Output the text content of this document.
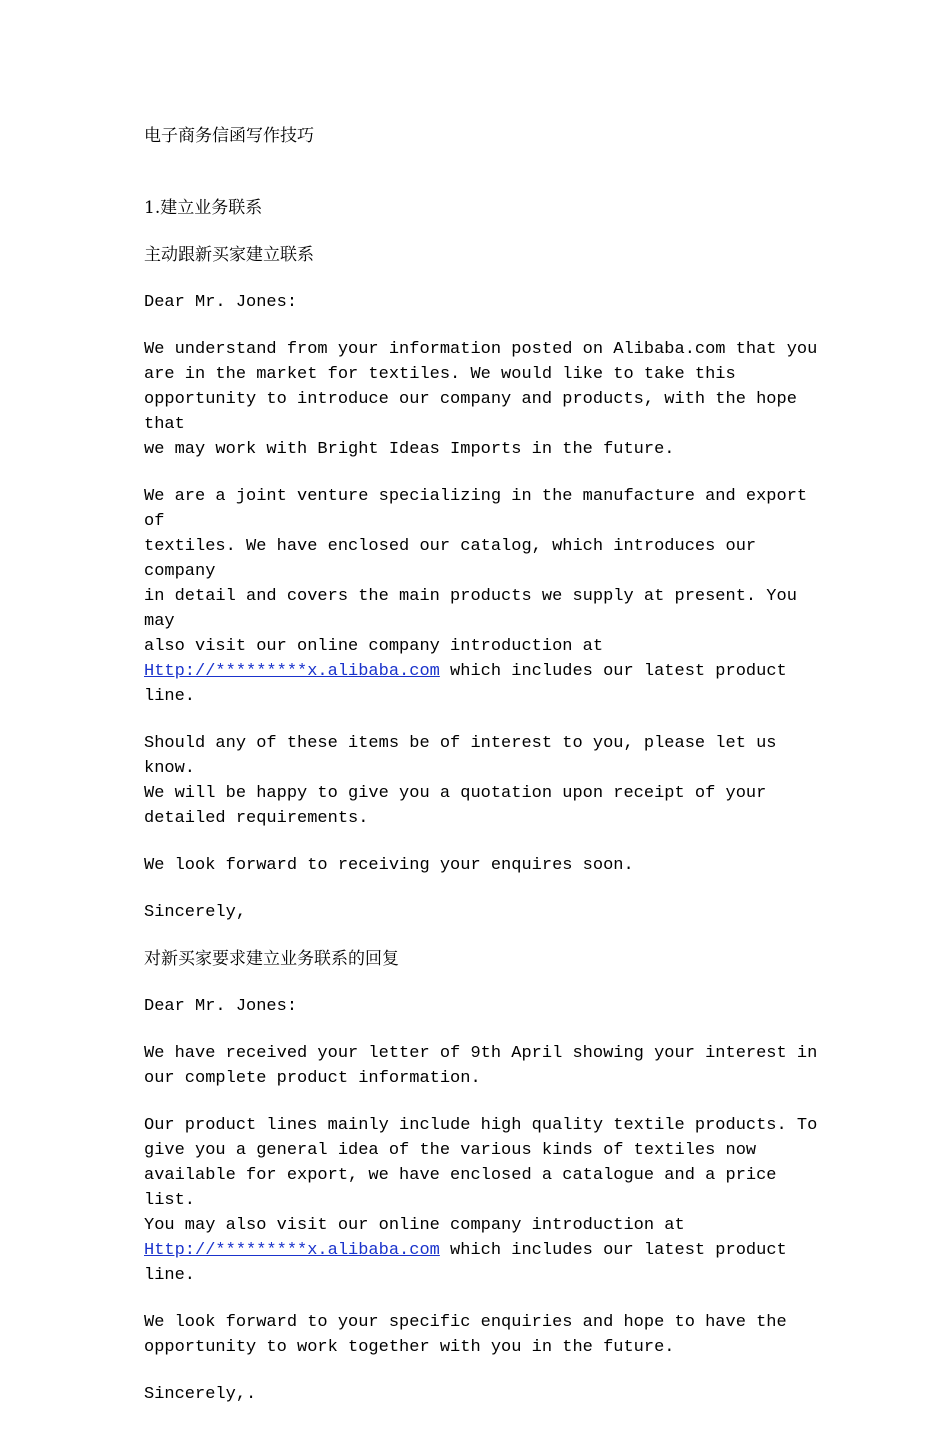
电子商务信函写作技巧

1.建立业务联系

主动跟新买家建立联系

Dear Mr. Jones:

We understand from your information posted on Alibaba.com that you
are in the market for textiles. We would like to take this
opportunity to introduce our company and products, with the hope that
we may work with Bright Ideas Imports in the future.

We are a joint venture specializing in the manufacture and export of
textiles. We have enclosed our catalog, which introduces our company
in detail and covers the main products we supply at present. You may
also visit our online company introduction at
Http://*********x.alibaba.com which includes our latest product line.

Should any of these items be of interest to you, please let us know.
We will be happy to give you a quotation upon receipt of your
detailed requirements.

We look forward to receiving your enquires soon.

Sincerely,

对新买家要求建立业务联系的回复

Dear Mr. Jones:

We have received your letter of 9th April showing your interest in
our complete product information.

Our product lines mainly include high quality textile products. To
give you a general idea of the various kinds of textiles now
available for export, we have enclosed a catalogue and a price list.
You may also visit our online company introduction at
Http://*********x.alibaba.com which includes our latest product line.

We look forward to your specific enquiries and hope to have the
opportunity to work together with you in the future.

Sincerely,.
